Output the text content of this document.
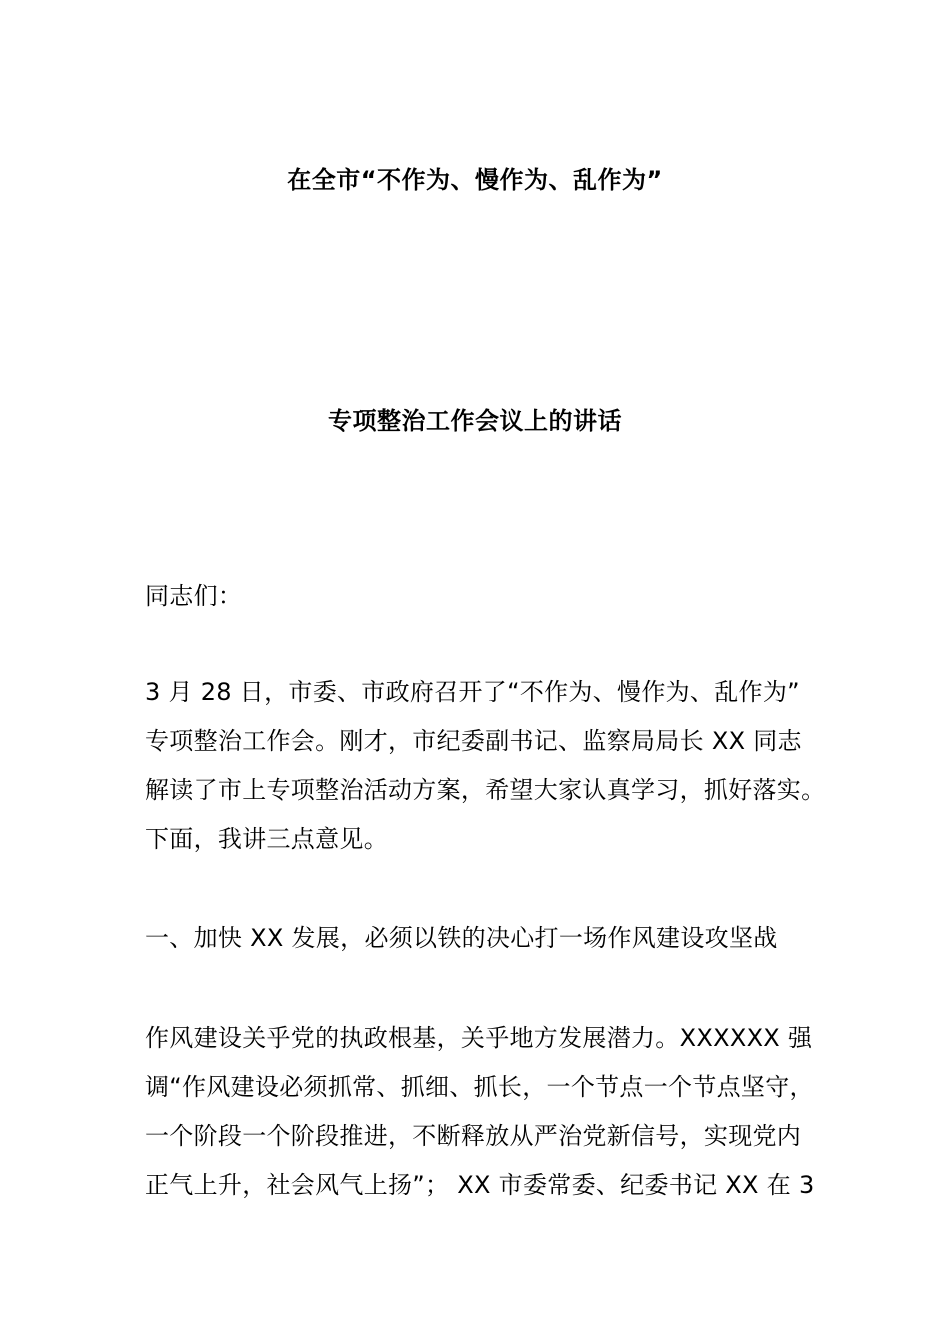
在全市“不作为、慢作为、乱作为”
专项整治工作会议上的讲话
同志们：
3 月 28 日，市委、市政府召开了“不作为、慢作为、乱作为”
专项整治工作会。刚才，市纪委副书记、监察局局长 XX 同志
解读了市上专项整治活动方案，希望大家认真学习，抓好落实。
下面，我讲三点意见。
一、加快 XX 发展，必须以铁的决心打一场作风建设攻坚战
作风建设关乎党的执政根基，关乎地方发展潜力。XXXXXX 强
调“作风建设必须抓常、抓细、抓长，一个节点一个节点坚守，
一个阶段一个阶段推进，不断释放从严治党新信号，实现党内
正气上升，社会风气上扬”； XX 市委常委、纪委书记 XX 在 3
